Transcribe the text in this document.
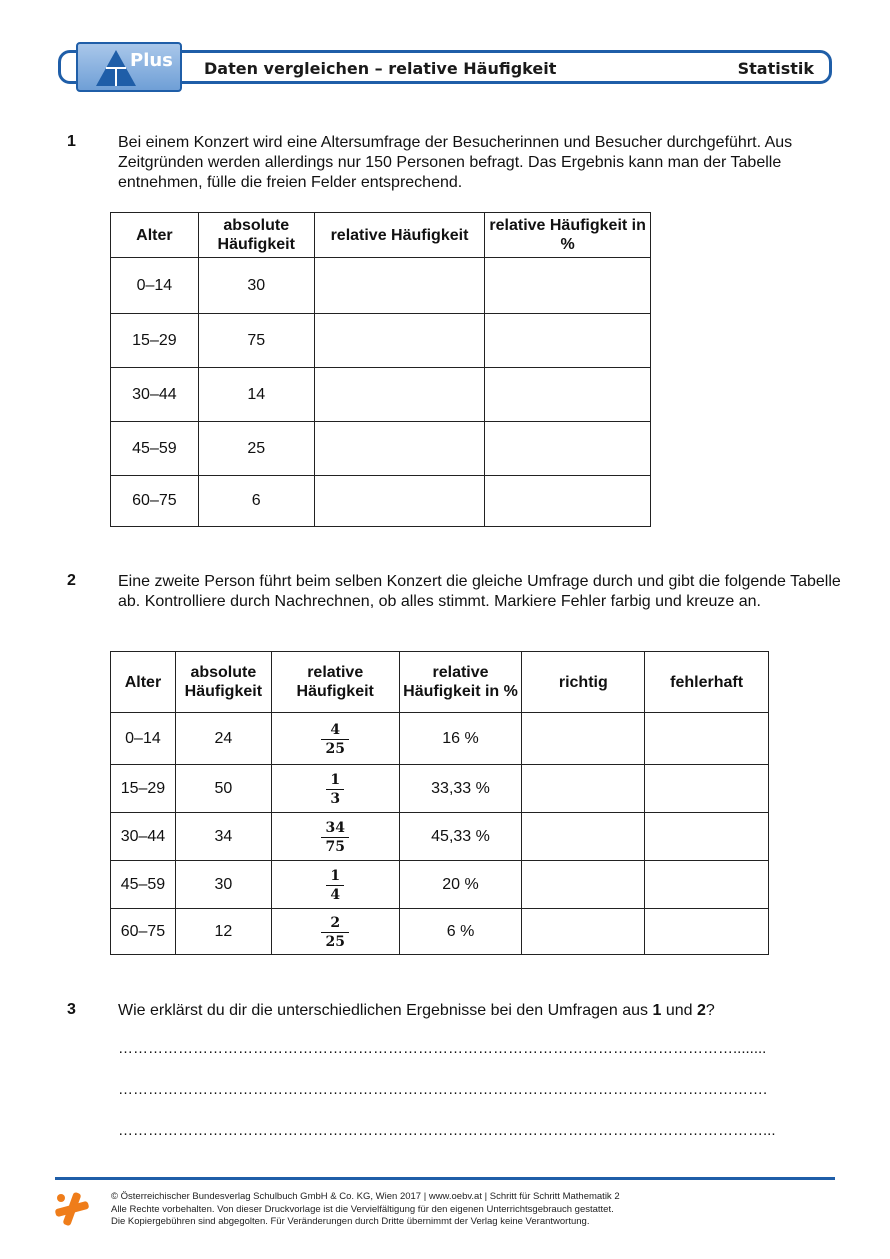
Plus Daten vergleichen – relative Häufigkeit	Statistik
1	Bei einem Konzert wird eine Altersumfrage der Besucherinnen und Besucher durchgeführt. Aus Zeitgründen werden allerdings nur 150 Personen befragt. Das Ergebnis kann man der Tabelle entnehmen, fülle die freien Felder entsprechend.
Alter	absolute Häufigkeit	relative Häufigkeit	relative Häufigkeit in %
0–14	30		
15–29	75		
30–44	14		
45–59	25		
60–75	6		
2	Eine zweite Person führt beim selben Konzert die gleiche Umfrage durch und gibt die folgende Tabelle ab. Kontrolliere durch Nachrechnen, ob alles stimmt. Markiere Fehler farbig und kreuze an.
Alter	absolute Häufigkeit	relative Häufigkeit	relative Häufigkeit in %	richtig	fehlerhaft
0–14	24	$\frac{4}{25}$	16 %		
15–29	50	$\frac{1}{3}$	33,33 %		
30–44	34	$\frac{34}{75}$	45,33 %		
45–59	30	$\frac{1}{4}$	20 %		
60–75	12	$\frac{2}{25}$	6 %		
3	Wie erklärst du dir die unterschiedlichen Ergebnisse bei den Umfragen aus 1 und 2?
……………………………………………………………………………………………………………........
………………………………………………………………………………………………………………….
…………………………………………………………………………………………………………………...
© Österreichischer Bundesverlag Schulbuch GmbH & Co. KG, Wien 2017 | www.oebv.at | Schritt für Schritt Mathematik 2
Alle Rechte vorbehalten. Von dieser Druckvorlage ist die Vervielfältigung für den eigenen Unterrichtsgebrauch gestattet.
Die Kopiergebühren sind abgegolten. Für Veränderungen durch Dritte übernimmt der Verlag keine Verantwortung.
